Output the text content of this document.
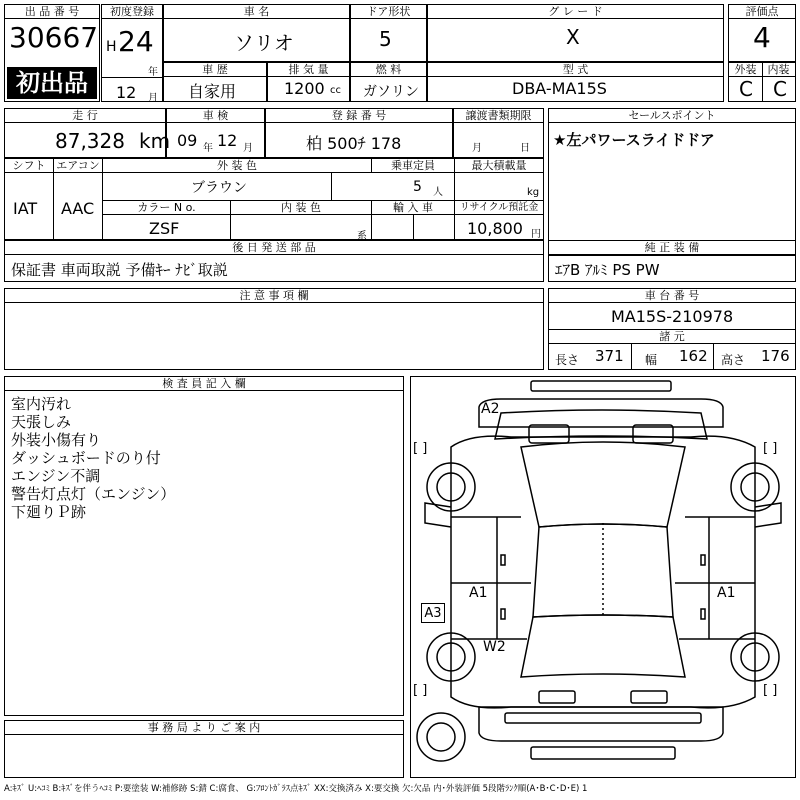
出 品 番 号
30667
初出品
初度登録
H 24
年
12 月
車 名
ソリオ
ドア形状
5
グ レ ー ド
X
評価点
4
車 歴
自家用
排 気 量
1200 cc
燃 料
ガソリン
型 式
DBA-MA15S
外装	内装
C C
走 行
87,328 km
車 検
09 年 12 月
登 録 番 号
柏 500ﾁ 178
譲渡書類期限
月	日
セールスポイント
★左パワースライドドア
シフト
IAT
エアコン
AAC
外 装 色
ブラウン
乗車定員
5 人
最大積載量
kg
カラー N o.
ZSF
内 装 色
系
輸 入 車	リサイクル預託金
10,800 円
後 日 発 送 部 品
保証書 車両取説 予備ｷｰ ﾅﾋﾞ取説
純 正 装 備
ｴｱB ｱﾙﾐ PS PW
注 意 事 項 欄	車 台 番 号
MA15S-210978
諸 元
長さ 371 幅 162 高さ 176
検 査 員 記 入 欄
室内汚れ
天張しみ
外装小傷有り
ダッシュボードのり付
エンジン不調
警告灯点灯（エンジン）
下廻りＰ跡
事 務 局 よ り ご 案 内
A2
A1	A1
A3
W2
[ ]	[ ]
[ ]	[ ]
A:ｷｽﾞ U:ﾍｺﾐ B:ｷｽﾞを伴うﾍｺﾐ P:要塗装 W:補修跡 S:錆 C:腐食、 G:ﾌﾛﾝﾄｶﾞﾗｽ点ｷｽﾞ XX:交換済み X:要交換 欠:欠品 内･外装評価 5段階ﾗﾝｸ順(A･B･C･D･E) 1
